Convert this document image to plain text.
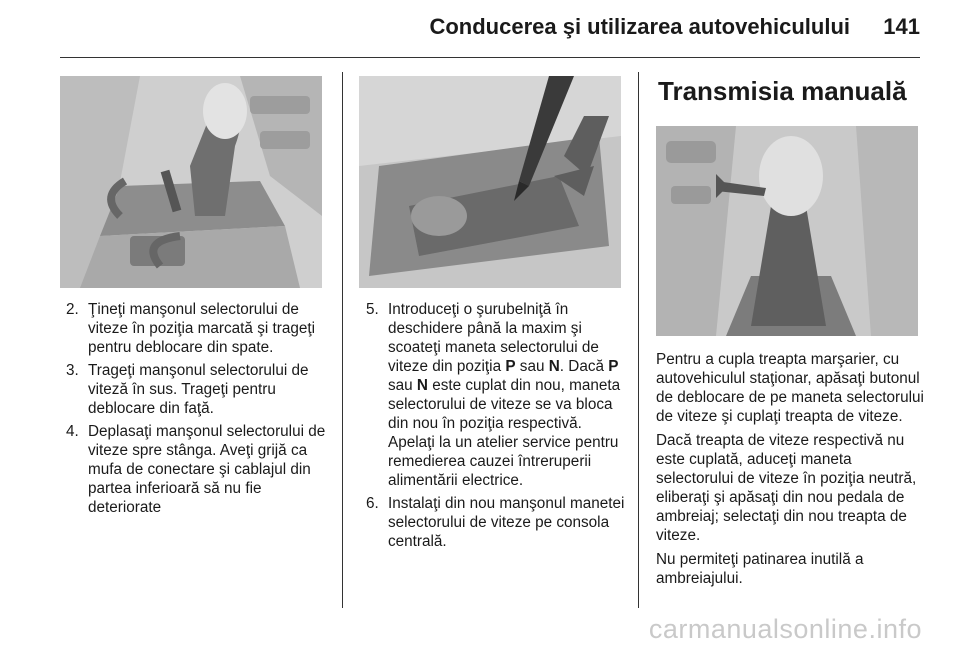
Conducerea şi utilizarea autovehiculului 141
2. Ţineţi manşonul selectorului de viteze în poziţia marcată şi trageţi pentru deblocare din spate.
3. Trageţi manşonul selectorului de viteză în sus. Trageţi pentru deblocare din faţă.
4. Deplasaţi manşonul selectorului de viteze spre stânga. Aveţi grijă ca mufa de conectare şi cablajul din partea inferioară să nu fie deteriorate
5. Introduceţi o şurubelniţă în deschidere până la maxim şi scoateţi maneta selectorului de viteze din poziţia P sau N. Dacă P sau N este cuplat din nou, maneta selectorului de viteze se va bloca din nou în poziţia respectivă. Apelaţi la un atelier service pentru remedierea cauzei întreruperii alimentării electrice.
6. Instalaţi din nou manşonul manetei selectorului de viteze pe consola centrală.
Transmisia manuală

Pentru a cupla treapta marşarier, cu autovehiculul staţionar, apăsaţi butonul de deblocare de pe maneta selectorului de viteze şi cuplaţi treapta de viteze.

Dacă treapta de viteze respectivă nu este cuplată, aduceţi maneta selectorului de viteze în poziţia neutră, eliberaţi şi apăsaţi din nou pedala de ambreiaj; selectaţi din nou treapta de viteze.

Nu permiteţi patinarea inutilă a ambreiajului.

carmanualsonline.info
